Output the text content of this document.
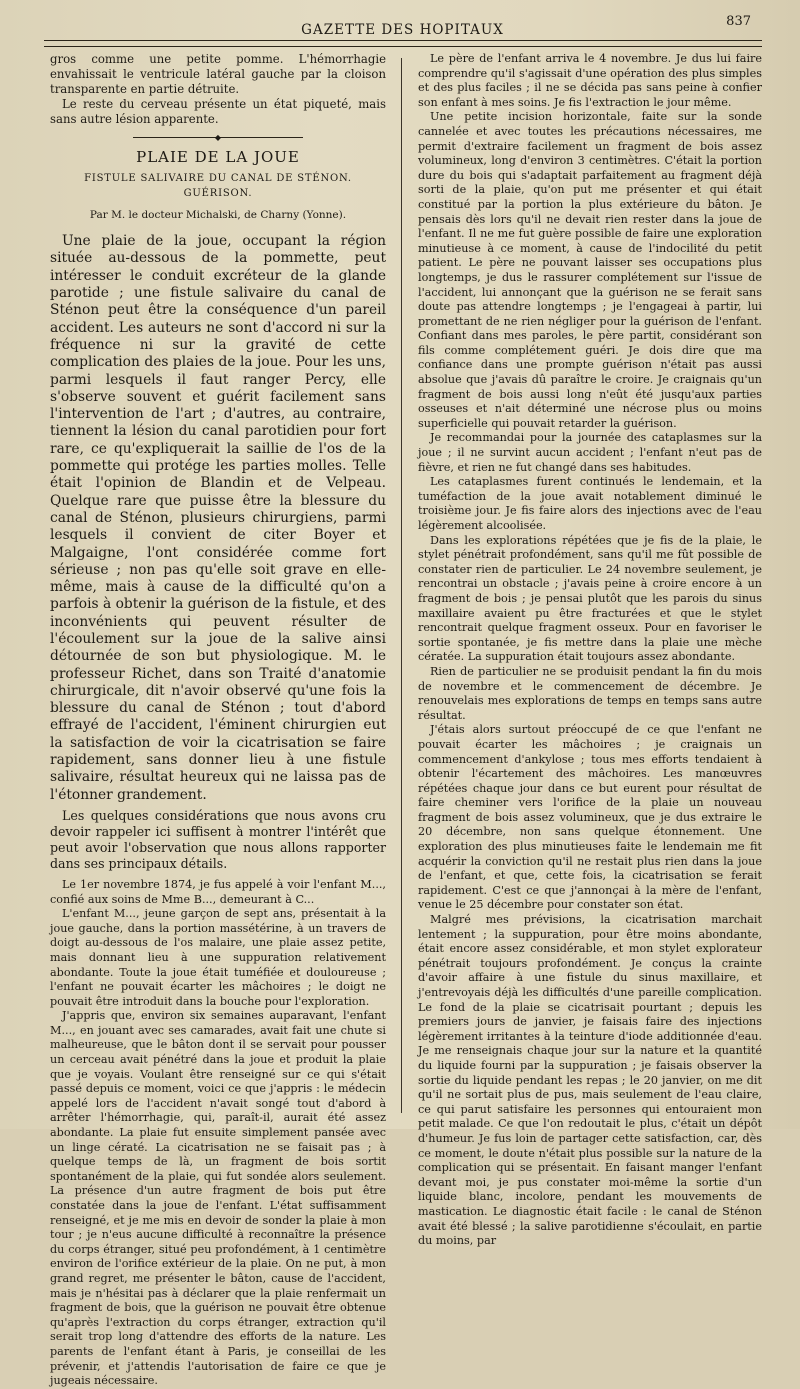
GAZETTE DES HOPITAUX
837

gros comme une petite pomme. L'hémorrhagie envahissait le ventricule latéral gauche par la cloison transparente en partie détruite.

Le reste du cerveau présente un état piqueté, mais sans autre lésion apparente.

◆
PLAIE DE LA JOUE
FISTULE SALIVAIRE DU CANAL DE STÉNON. GUÉRISON.
Par M. le docteur Michalski, de Charny (Yonne).

Une plaie de la joue, occupant la région située au-dessous de la pommette, peut intéresser le conduit excréteur de la glande parotide ; une fistule salivaire du canal de Sténon peut être la conséquence d'un pareil accident. Les auteurs ne sont d'accord ni sur la fréquence ni sur la gravité de cette complication des plaies de la joue. Pour les uns, parmi lesquels il faut ranger Percy, elle s'observe souvent et guérit facilement sans l'intervention de l'art ; d'autres, au contraire, tiennent la lésion du canal parotidien pour fort rare, ce qu'expliquerait la saillie de l'os de la pommette qui protége les parties molles. Telle était l'opinion de Blandin et de Velpeau. Quelque rare que puisse être la blessure du canal de Sténon, plusieurs chirurgiens, parmi lesquels il convient de citer Boyer et Malgaigne, l'ont considérée comme fort sérieuse ; non pas qu'elle soit grave en elle-même, mais à cause de la difficulté qu'on a parfois à obtenir la guérison de la fistule, et des inconvénients qui peuvent résulter de l'écoulement sur la joue de la salive ainsi détournée de son but physiologique. M. le professeur Richet, dans son Traité d'anatomie chirurgicale, dit n'avoir observé qu'une fois la blessure du canal de Sténon ; tout d'abord effrayé de l'accident, l'éminent chirurgien eut la satisfaction de voir la cicatrisation se faire rapidement, sans donner lieu à une fistule salivaire, résultat heureux qui ne laissa pas de l'étonner grandement.

Les quelques considérations que nous avons cru devoir rappeler ici suffisent à montrer l'intérêt que peut avoir l'observation que nous allons rapporter dans ses principaux détails.

Le 1er novembre 1874, je fus appelé à voir l'enfant M..., confié aux soins de Mme B..., demeurant à C...

L'enfant M..., jeune garçon de sept ans, présentait à la joue gauche, dans la portion massétérine, à un travers de doigt au-dessous de l'os malaire, une plaie assez petite, mais donnant lieu à une suppuration relativement abondante. Toute la joue était tuméfiée et douloureuse ; l'enfant ne pouvait écarter les mâchoires ; le doigt ne pouvait être introduit dans la bouche pour l'exploration.

J'appris que, environ six semaines auparavant, l'enfant M..., en jouant avec ses camarades, avait fait une chute si malheureuse, que le bâton dont il se servait pour pousser un cerceau avait pénétré dans la joue et produit la plaie que je voyais. Voulant être renseigné sur ce qui s'était passé depuis ce moment, voici ce que j'appris : le médecin appelé lors de l'accident n'avait songé tout d'abord à arrêter l'hémorrhagie, qui, paraît-il, aurait été assez abondante. La plaie fut ensuite simplement pansée avec un linge cératé. La cicatrisation ne se faisait pas ; à quelque temps de là, un fragment de bois sortit spontanément de la plaie, qui fut sondée alors seulement. La présence d'un autre fragment de bois put être constatée dans la joue de l'enfant. L'état suffisamment renseigné, et je me mis en devoir de sonder la plaie à mon tour ; je n'eus aucune difficulté à reconnaître la présence du corps étranger, situé peu profondément, à 1 centimètre environ de l'orifice extérieur de la plaie. On ne put, à mon grand regret, me présenter le bâton, cause de l'accident, mais je n'hésitai pas à déclarer que la plaie renfermait un fragment de bois, que la guérison ne pouvait être obtenue qu'après l'extraction du corps étranger, extraction qu'il serait trop long d'attendre des efforts de la nature. Les parents de l'enfant étant à Paris, je conseillai de les prévenir, et j'attendis l'autorisation de faire ce que je jugeais nécessaire.

Le père de l'enfant arriva le 4 novembre. Je dus lui faire comprendre qu'il s'agissait d'une opération des plus simples et des plus faciles ; il ne se décida pas sans peine à confier son enfant à mes soins. Je fis l'extraction le jour même.

Une petite incision horizontale, faite sur la sonde cannelée et avec toutes les précautions nécessaires, me permit d'extraire facilement un fragment de bois assez volumineux, long d'environ 3 centimètres. C'était la portion dure du bois qui s'adaptait parfaitement au fragment déjà sorti de la plaie, qu'on put me présenter et qui était constitué par la portion la plus extérieure du bâton. Je pensais dès lors qu'il ne devait rien rester dans la joue de l'enfant. Il ne me fut guère possible de faire une exploration minutieuse à ce moment, à cause de l'indocilité du petit patient. Le père ne pouvant laisser ses occupations plus longtemps, je dus le rassurer complétement sur l'issue de l'accident, lui annonçant que la guérison ne se ferait sans doute pas attendre longtemps ; je l'engageai à partir, lui promettant de ne rien négliger pour la guérison de l'enfant. Confiant dans mes paroles, le père partit, considérant son fils comme complétement guéri. Je dois dire que ma confiance dans une prompte guérison n'était pas aussi absolue que j'avais dû paraître le croire. Je craignais qu'un fragment de bois aussi long n'eût été jusqu'aux parties osseuses et n'ait déterminé une nécrose plus ou moins superficielle qui pouvait retarder la guérison.

Je recommandai pour la journée des cataplasmes sur la joue ; il ne survint aucun accident ; l'enfant n'eut pas de fièvre, et rien ne fut changé dans ses habitudes.

Les cataplasmes furent continués le lendemain, et la tuméfaction de la joue avait notablement diminué le troisième jour. Je fis faire alors des injections avec de l'eau légèrement alcoolisée.

Dans les explorations répétées que je fis de la plaie, le stylet pénétrait profondément, sans qu'il me fût possible de constater rien de particulier. Le 24 novembre seulement, je rencontrai un obstacle ; j'avais peine à croire encore à un fragment de bois ; je pensai plutôt que les parois du sinus maxillaire avaient pu être fracturées et que le stylet rencontrait quelque fragment osseux. Pour en favoriser le sortie spontanée, je fis mettre dans la plaie une mèche cératée. La suppuration était toujours assez abondante.

Rien de particulier ne se produisit pendant la fin du mois de novembre et le commencement de décembre. Je renouvelais mes explorations de temps en temps sans autre résultat.

J'étais alors surtout préoccupé de ce que l'enfant ne pouvait écarter les mâchoires ; je craignais un commencement d'ankylose ; tous mes efforts tendaient à obtenir l'écartement des mâchoires. Les manœuvres répétées chaque jour dans ce but eurent pour résultat de faire cheminer vers l'orifice de la plaie un nouveau fragment de bois assez volumineux, que je dus extraire le 20 décembre, non sans quelque étonnement. Une exploration des plus minutieuses faite le lendemain me fit acquérir la conviction qu'il ne restait plus rien dans la joue de l'enfant, et que, cette fois, la cicatrisation se ferait rapidement. C'est ce que j'annonçai à la mère de l'enfant, venue le 25 décembre pour constater son état.

Malgré mes prévisions, la cicatrisation marchait lentement ; la suppuration, pour être moins abondante, était encore assez considérable, et mon stylet explorateur pénétrait toujours profondément. Je conçus la crainte d'avoir affaire à une fistule du sinus maxillaire, et j'entrevoyais déjà les difficultés d'une pareille complication. Le fond de la plaie se cicatrisait pourtant ; depuis les premiers jours de janvier, je faisais faire des injections légèrement irritantes à la teinture d'iode additionnée d'eau. Je me renseignais chaque jour sur la nature et la quantité du liquide fourni par la suppuration ; je faisais observer la sortie du liquide pendant les repas ; le 20 janvier, on me dit qu'il ne sortait plus de pus, mais seulement de l'eau claire, ce qui parut satisfaire les personnes qui entouraient mon petit malade. Ce que l'on redoutait le plus, c'était un dépôt d'humeur. Je fus loin de partager cette satisfaction, car, dès ce moment, le doute n'était plus possible sur la nature de la complication qui se présentait. En faisant manger l'enfant devant moi, je pus constater moi-même la sortie d'un liquide blanc, incolore, pendant les mouvements de mastication. Le diagnostic était facile : le canal de Sténon avait été blessé ; la salive parotidienne s'écoulait, en partie du moins, par
